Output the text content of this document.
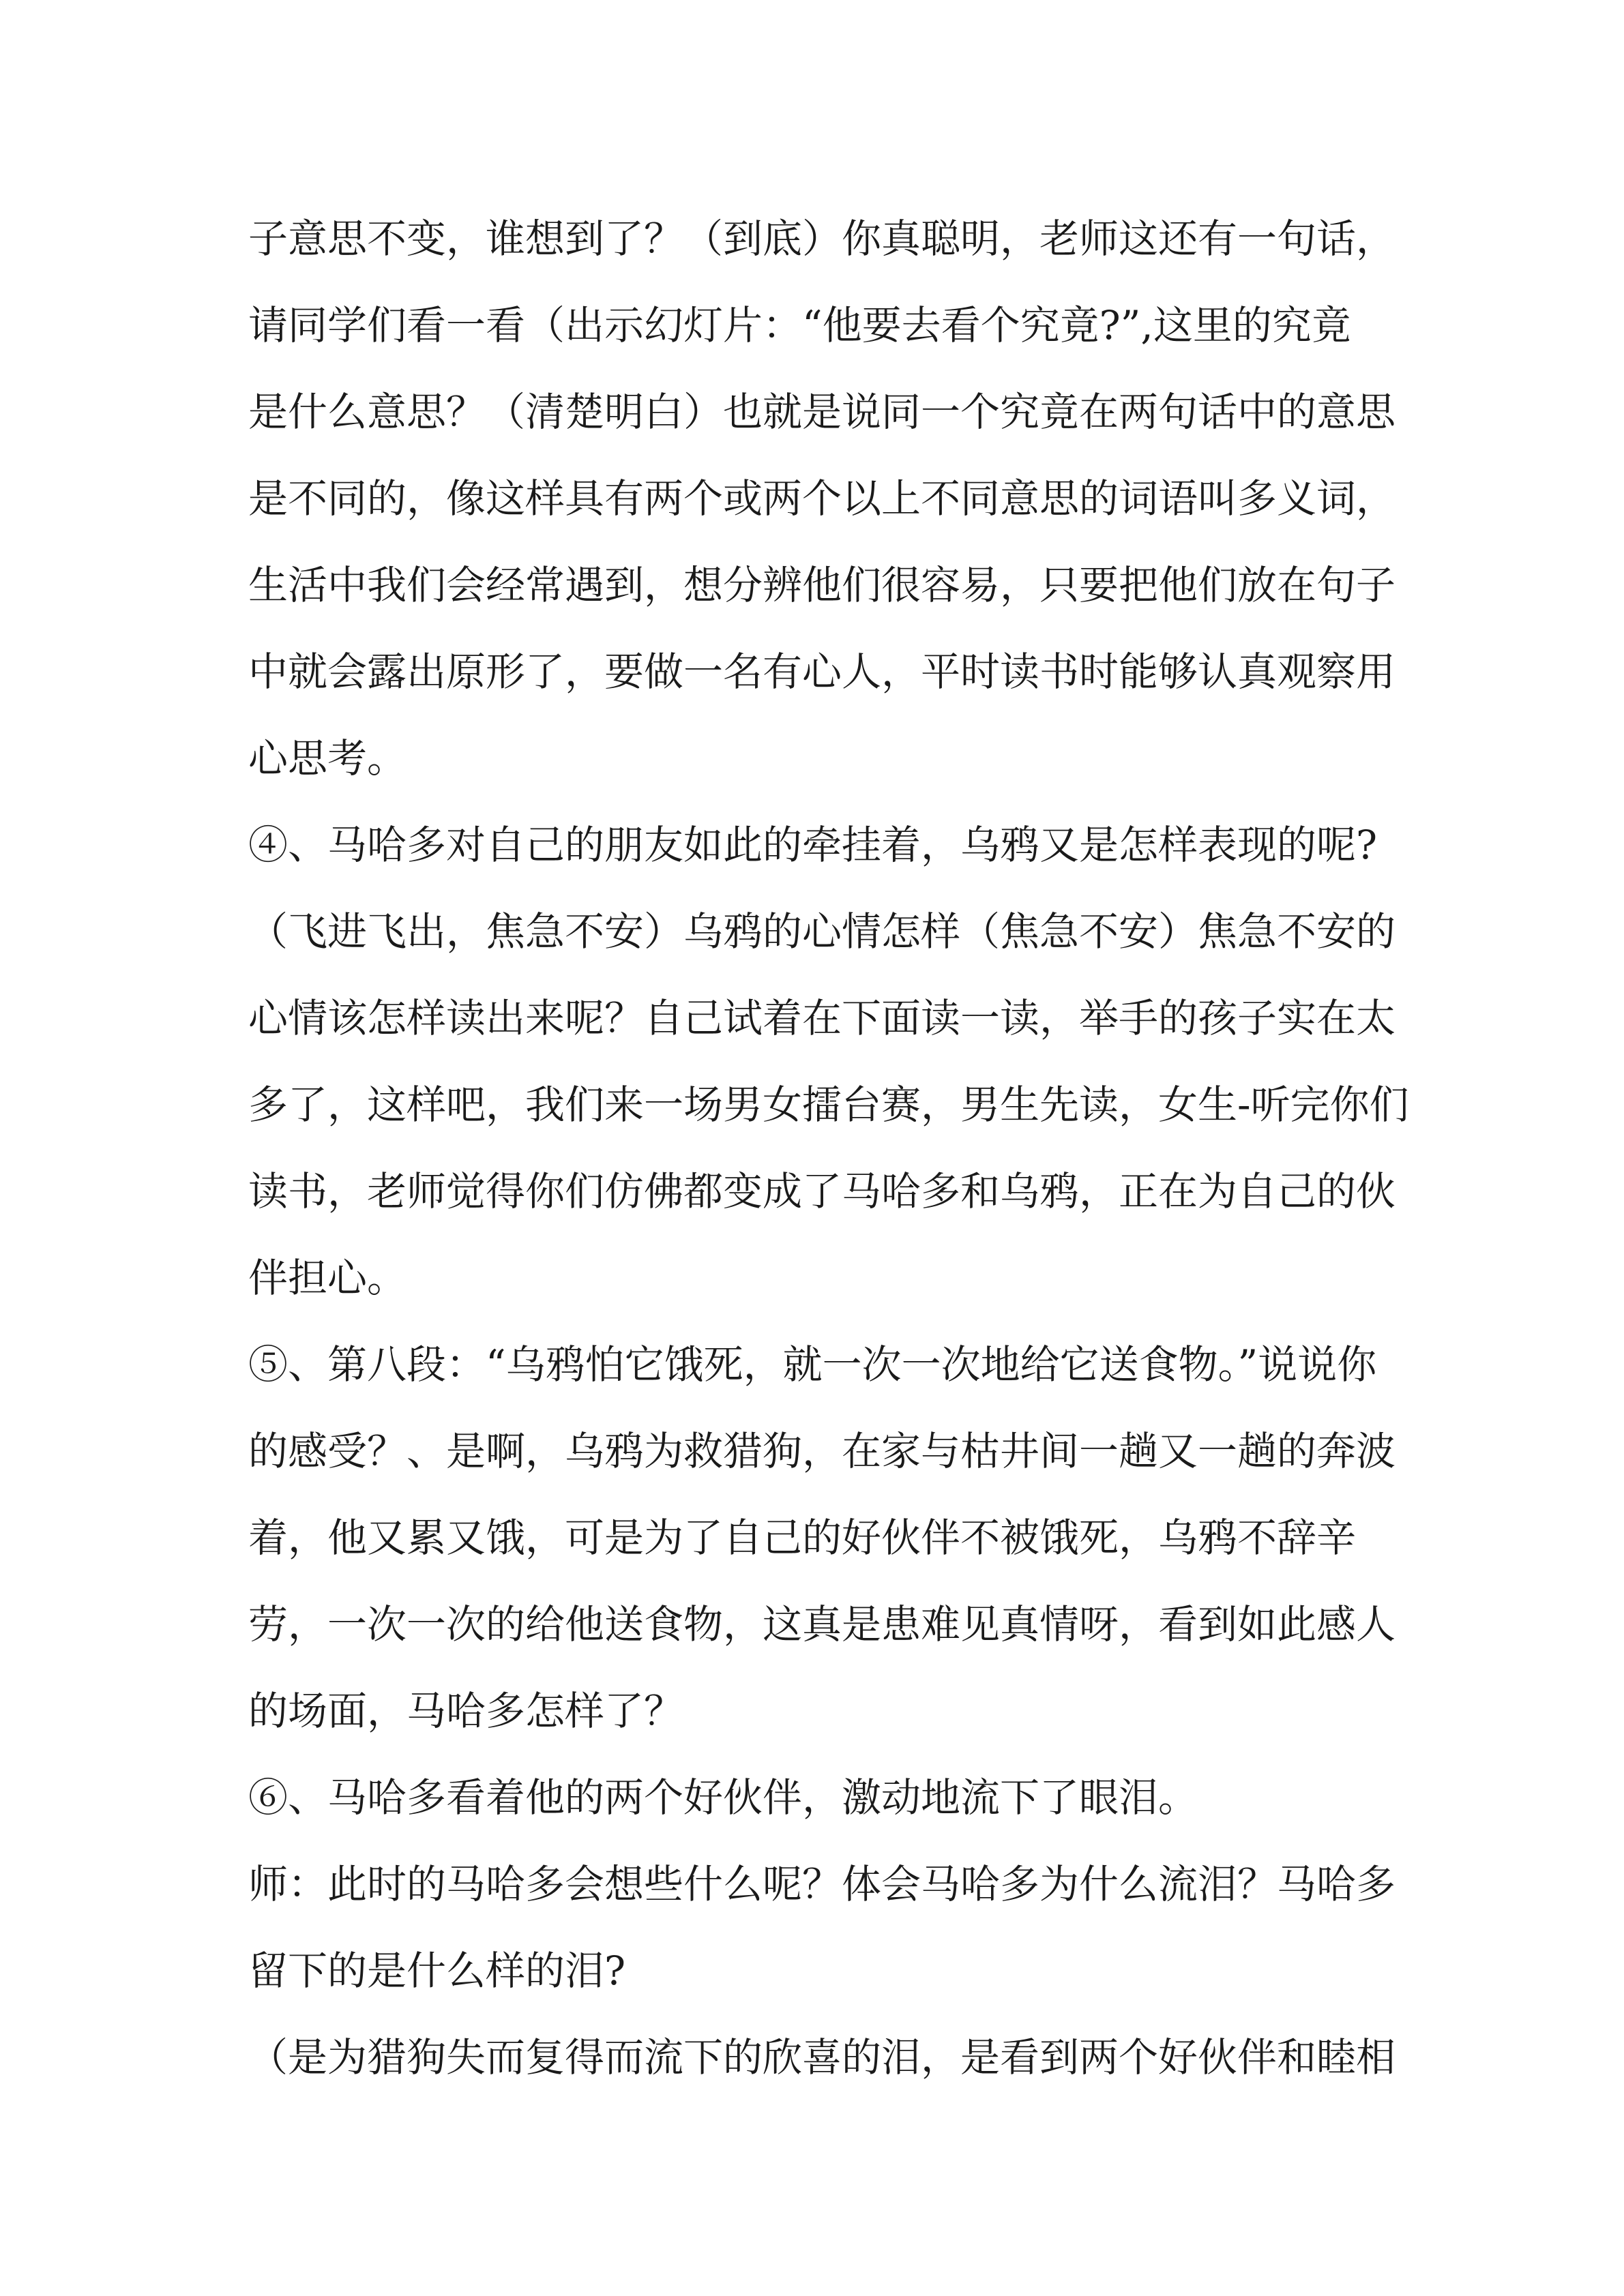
子意思不变，谁想到了？（到底）你真聪明，老师这还有一句话，

请同学们看一看（出示幻灯片：“他要去看个究竟?”,这里的究竟

是什么意思？（清楚明白）也就是说同一个究竟在两句话中的意思

是不同的，像这样具有两个或两个以上不同意思的词语叫多义词，

生活中我们会经常遇到，想分辨他们很容易，只要把他们放在句子

中就会露出原形了，要做一名有心人，平时读书时能够认真观察用

心思考。

④、马哈多对自己的朋友如此的牵挂着，乌鸦又是怎样表现的呢?

（飞进飞出，焦急不安）乌鸦的心情怎样（焦急不安）焦急不安的

心情该怎样读出来呢？自己试着在下面读一读，举手的孩子实在太

多了，这样吧，我们来一场男女擂台赛，男生先读，女生-听完你们

读书，老师觉得你们仿佛都变成了马哈多和乌鸦，正在为自己的伙

伴担心。

⑤、第八段：“乌鸦怕它饿死，就一次一次地给它送食物。”说说你

的感受？、是啊，乌鸦为救猎狗，在家与枯井间一趟又一趟的奔波

着，他又累又饿，可是为了自己的好伙伴不被饿死，乌鸦不辞辛

劳，一次一次的给他送食物，这真是患难见真情呀，看到如此感人

的场面，马哈多怎样了？

⑥、马哈多看着他的两个好伙伴，激动地流下了眼泪。

师：此时的马哈多会想些什么呢？体会马哈多为什么流泪？马哈多

留下的是什么样的泪?

（是为猎狗失而复得而流下的欣喜的泪，是看到两个好伙伴和睦相
